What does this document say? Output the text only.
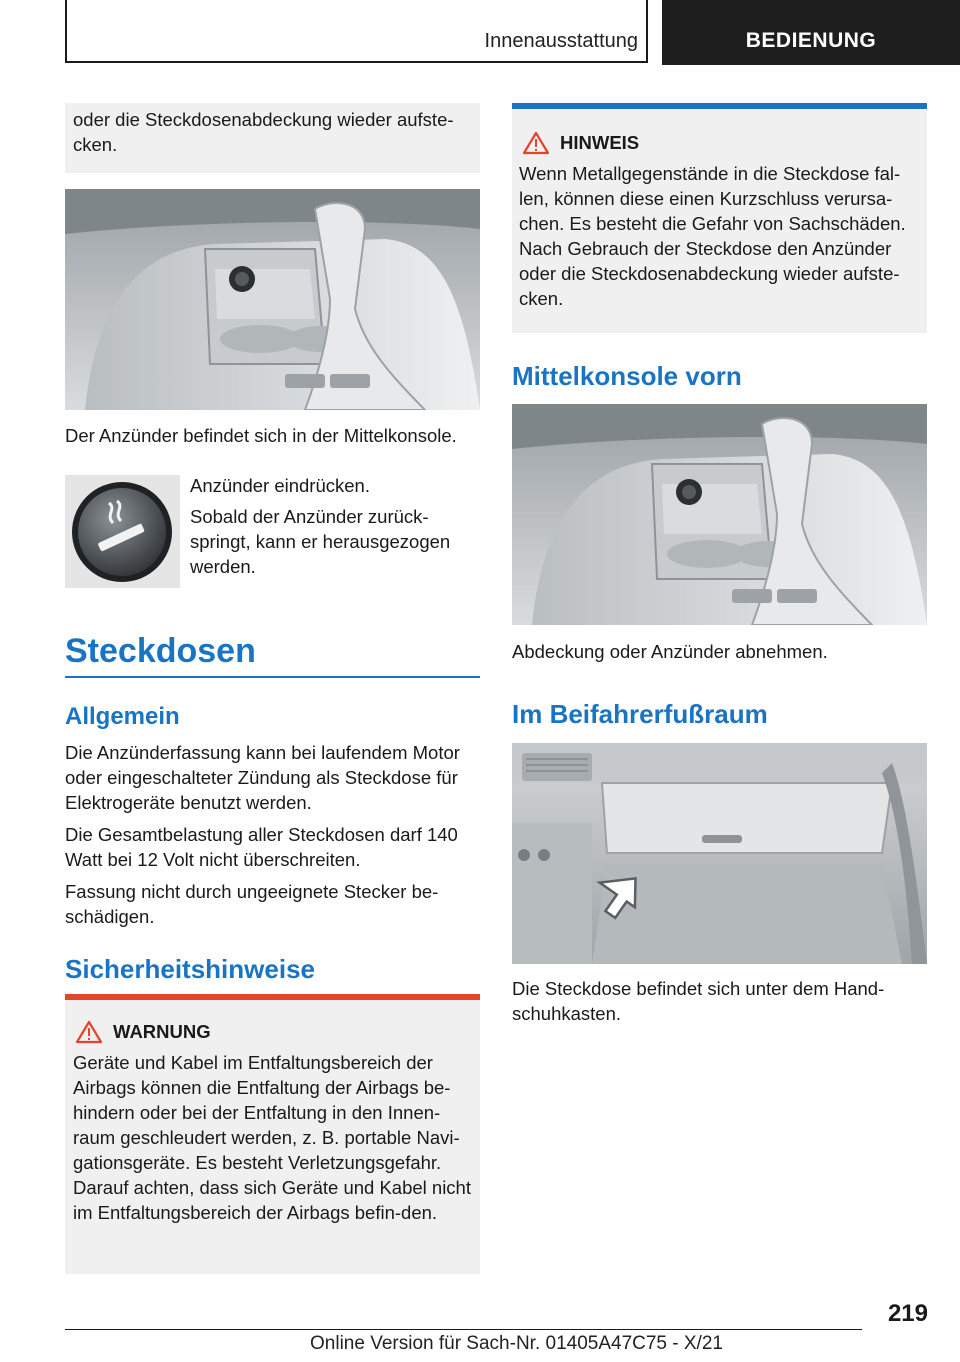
Innenausstattung	BEDIENUNG

oder die Steckdosenabdeckung wieder aufste‐cken.

Der Anzünder befindet sich in der Mittelkonsole.

Anzünder eindrücken.

Sobald der Anzünder zurück‐springt, kann er herausgezogen werden.

Steckdosen
Allgemein

Die Anzünderfassung kann bei laufendem Motor oder eingeschalteter Zündung als Steckdose für Elektrogeräte benutzt werden.

Die Gesamtbelastung aller Steckdosen darf 140 Watt bei 12 Volt nicht überschreiten.

Fassung nicht durch ungeeignete Stecker be‐schädigen.

Sicherheitshinweise
WARNUNG

Geräte und Kabel im Entfaltungsbereich der Airbags können die Entfaltung der Airbags be‐hindern oder bei der Entfaltung in den Innen‐raum geschleudert werden, z. B. portable Navi‐gationsgeräte. Es besteht Verletzungsgefahr. Darauf achten, dass sich Geräte und Kabel nicht im Entfaltungsbereich der Airbags befin‐den.

HINWEIS

Wenn Metallgegenstände in die Steckdose fal‐len, können diese einen Kurzschluss verursa‐chen. Es besteht die Gefahr von Sachschäden. Nach Gebrauch der Steckdose den Anzünder oder die Steckdosenabdeckung wieder aufste‐cken.

Mittelkonsole vorn

Abdeckung oder Anzünder abnehmen.

Im Beifahrerfußraum

Die Steckdose befindet sich unter dem Hand‐schuhkasten.

219
Online Version für Sach-Nr. 01405A47C75 - X/21
